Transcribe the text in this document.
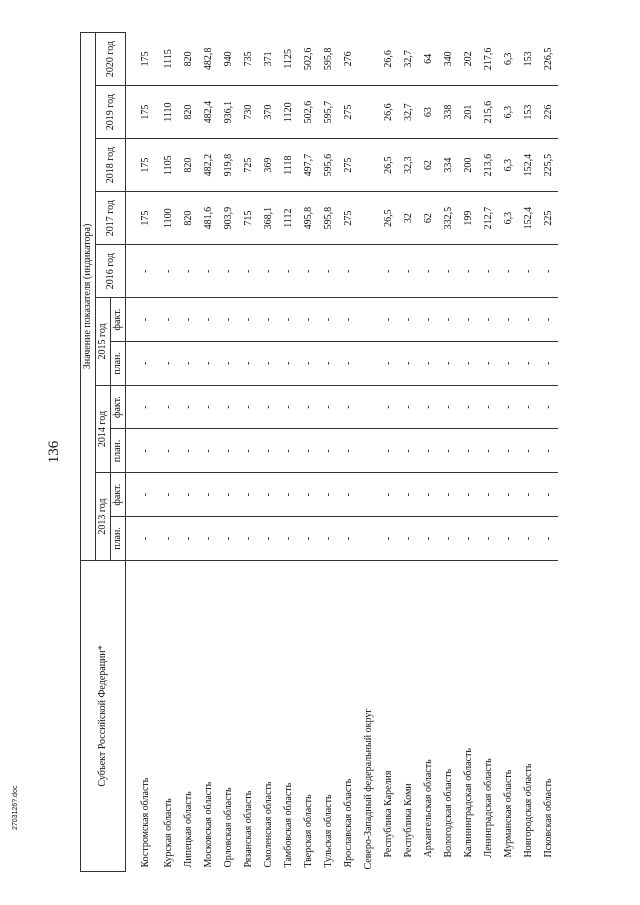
136
Субъект Российской Федерации*	Значение показателя (индикатора)										
	2013 год		2014 год		2015 год		2016 год	2017 год	2018 год	2019 год	2020 год
	план.	факт.	план.	факт.	план.	факт.					
Костромская область	-	-	-	-	-	-	-	175	175	175	175
Курская область	-	-	-	-	-	-	-	1100	1105	1110	1115
Липецкая область	-	-	-	-	-	-	-	820	820	820	820
Московская область	-	-	-	-	-	-	-	481,6	482,2	482,4	482,8
Орловская область	-	-	-	-	-	-	-	903,9	919,8	936,1	940
Рязанская область	-	-	-	-	-	-	-	715	725	730	735
Смоленская область	-	-	-	-	-	-	-	368,1	369	370	371
Тамбовская область	-	-	-	-	-	-	-	1112	1118	1120	1125
Тверская область	-	-	-	-	-	-	-	495,8	497,7	502,6	502,6
Тульская область	-	-	-	-	-	-	-	595,8	595,6	595,7	595,8
Ярославская область	-	-	-	-	-	-	-	275	275	275	276
Северо-Западный федеральный округ											
Республика Карелия	-	-	-	-	-	-	-	26,5	26,5	26,6	26,6
Республика Коми	-	-	-	-	-	-	-	32	32,3	32,7	32,7
Архангельская область	-	-	-	-	-	-	-	62	62	63	64
Вологодская область	-	-	-	-	-	-	-	332,5	334	338	340
Калининградская область	-	-	-	-	-	-	-	199	200	201	202
Ленинградская область	-	-	-	-	-	-	-	212,7	213,6	215,6	217,6
Мурманская область	-	-	-	-	-	-	-	6,3	6,3	6,3	6,3
Новгородская область	-	-	-	-	-	-	-	152,4	152,4	153	153
Псковская область	-	-	-	-	-	-	-	225	225,5	226	226,5
2703126?.doc
